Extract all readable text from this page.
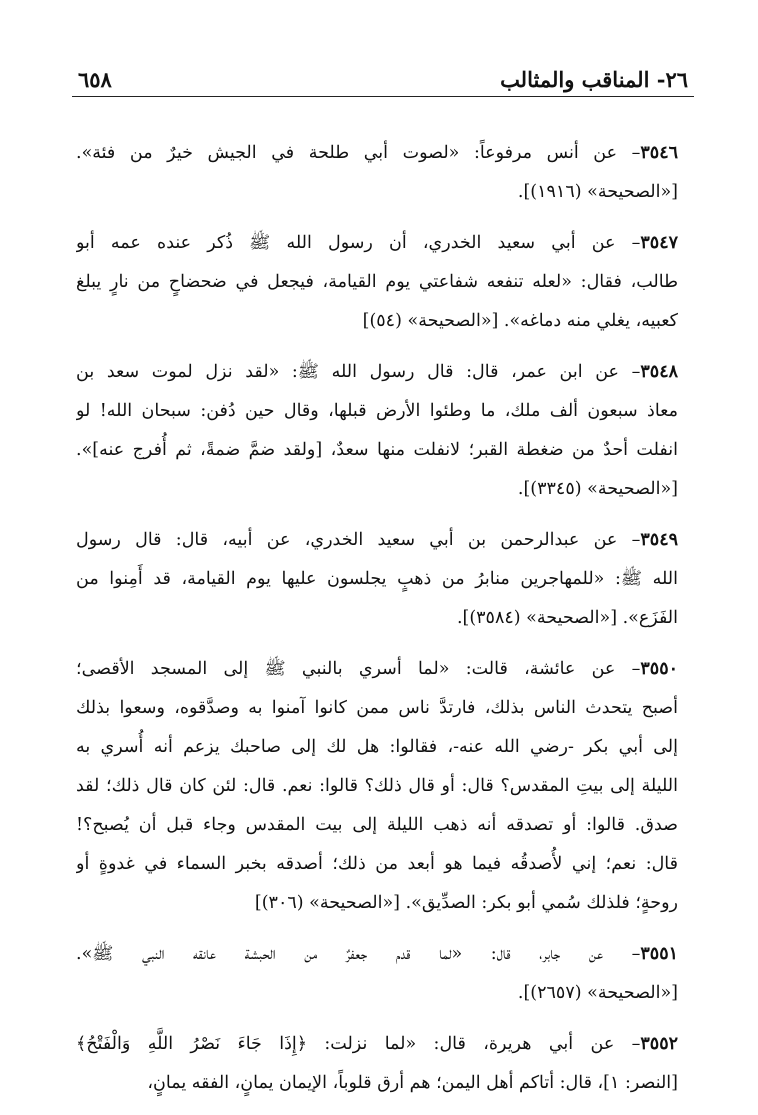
٢٦- المناقب والمثالب
٦٥٨
٣٥٤٦– عن أنس مرفوعاً: «لصوت أبي طلحة في الجيش خيرٌ من فئة».
[«الصحيحة» (١٩١٦)].
٣٥٤٧– عن أبي سعيد الخدري، أن رسول الله ﷺ ذُكر عنده عمه أبو
طالب، فقال: «لعله تنفعه شفاعتي يوم القيامة، فيجعل في ضحضاحٍ من نارٍ يبلغ
كعبيه، يغلي منه دماغه». [«الصحيحة» (٥٤)]
٣٥٤٨– عن ابن عمر، قال: قال رسول الله ﷺ: «لقد نزل لموت سعد بن
معاذ سبعون ألف ملك، ما وطئوا الأرض قبلها، وقال حين دُفن: سبحان الله! لو
انفلت أحدٌ من ضغطة القبر؛ لانفلت منها سعدٌ، [ولقد ضمَّ ضمةً، ثم أُفرج عنه]».
[«الصحيحة» (٣٣٤٥)].
٣٥٤٩– عن عبدالرحمن بن أبي سعيد الخدري، عن أبيه، قال: قال رسول
الله ﷺ: «للمهاجرين منابرُ من ذهبٍ يجلسون عليها يوم القيامة، قد أَمِنوا من
الفَزَع». [«الصحيحة» (٣٥٨٤)].
٣٥٥٠– عن عائشة، قالت: «لما أسري بالنبي ﷺ إلى المسجد الأقصى؛
أصبح يتحدث الناس بذلك، فارتدَّ ناس ممن كانوا آمنوا به وصدَّقوه، وسعوا بذلك
إلى أبي بكر -رضي الله عنه-، فقالوا: هل لك إلى صاحبك يزعم أنه أُسري به
الليلة إلى بيتِ المقدس؟ قال: أو قال ذلك؟ قالوا: نعم. قال: لئن كان قال ذلك؛ لقد
صدق. قالوا: أو تصدقه أنه ذهب الليلة إلى بيت المقدس وجاء قبل أن يُصبح؟!
قال: نعم؛ إني لأُصدقُه فيما هو أبعد من ذلك؛ أصدقه بخبر السماء في غدوةٍ أو
روحةٍ؛ فلذلك سُمي أبو بكر: الصدِّيق». [«الصحيحة» (٣٠٦)]
٣٥٥١– عن جابر، قال: «لما قدم جعفرٌ من الحبشة عانقه النبي ﷺ».
[«الصحيحة» (٢٦٥٧)].
٣٥٥٢– عن أبي هريرة، قال: «لما نزلت: ﴿إِذَا جَاءَ نَصْرُ اللَّهِ وَالْفَتْحُ﴾
[النصر: ١]، قال: أتاكم أهل اليمن؛ هم أرق قلوباً، الإيمان يمانٍ، الفقه يمانٍ،
